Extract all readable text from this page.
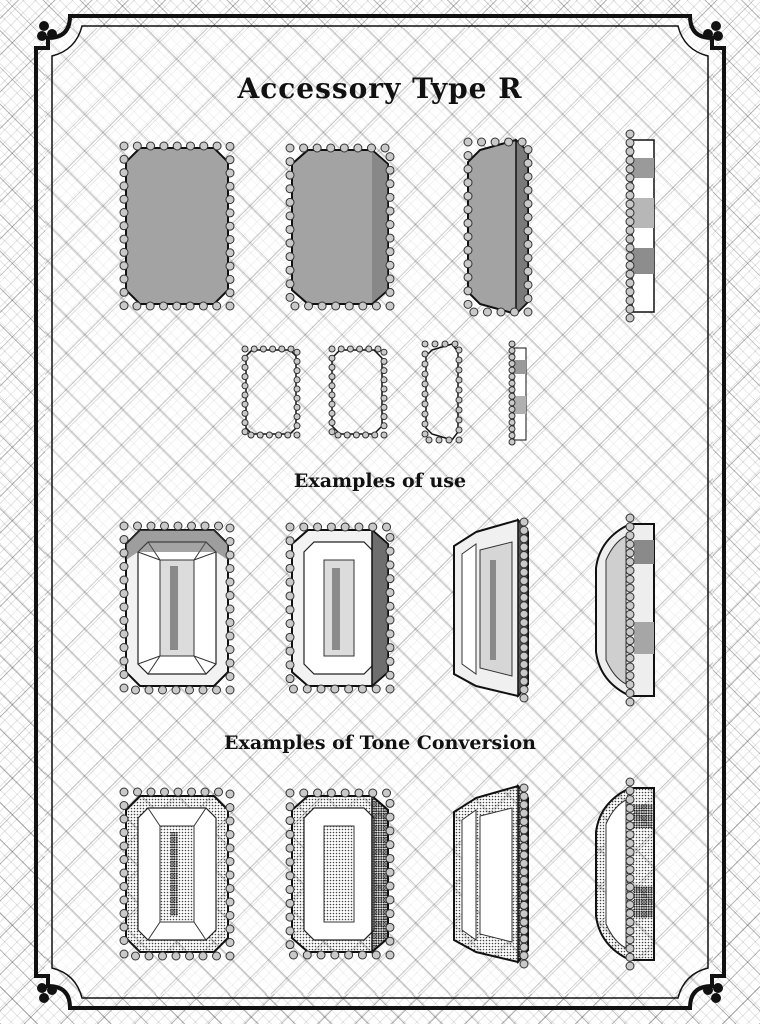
Accessory Type R
Examples of use
Examples of Tone Conversion
